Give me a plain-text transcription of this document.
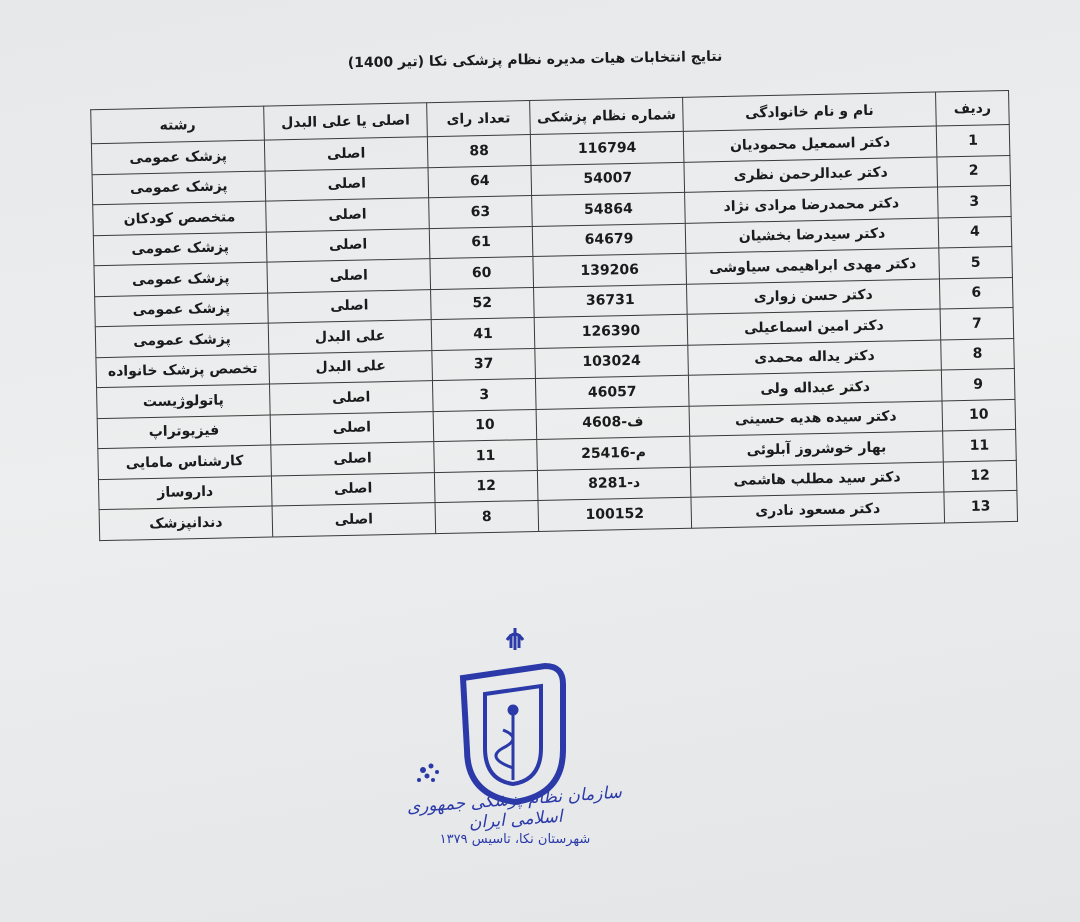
نتایج انتخابات هیات مدیره نظام پزشکی نکا (تیر 1400)
ردیف	نام و نام خانوادگی	شماره نظام پزشکی	تعداد رای	اصلی یا علی البدل	رشته
1	دکتر اسمعیل محمودیان	116794	88	اصلی	پزشک عمومی
2	دکتر عبدالرحمن نظری	54007	64	اصلی	پزشک عمومی
3	دکتر محمدرضا مرادی نژاد	54864	63	اصلی	متخصص کودکان
4	دکتر سیدرضا بخشیان	64679	61	اصلی	پزشک عمومی
5	دکتر مهدی ابراهیمی سیاوشی	139206	60	اصلی	پزشک عمومی
6	دکتر حسن زواری	36731	52	اصلی	پزشک عمومی
7	دکتر امین اسماعیلی	126390	41	علی البدل	پزشک عمومی
8	دکتر یداله محمدی	103024	37	علی البدل	تخصص پزشک خانواده
9	دکتر عبداله ولی	46057	3	اصلی	پاتولوژیست
10	دکتر سیده هدیه حسینی	ف-4608	10	اصلی	فیزیوتراپ
11	بهار خوشروز آبلوئی	م-25416	11	اصلی	کارشناس مامایی
12	دکتر سید مطلب هاشمی	د-8281	12	اصلی	داروساز
13	دکتر مسعود نادری	100152	8	اصلی	دندانپزشک
سازمان نظام پزشکی جمهوری اسلامی ایران
شهرستان نکا، تاسیس ۱۳۷۹
